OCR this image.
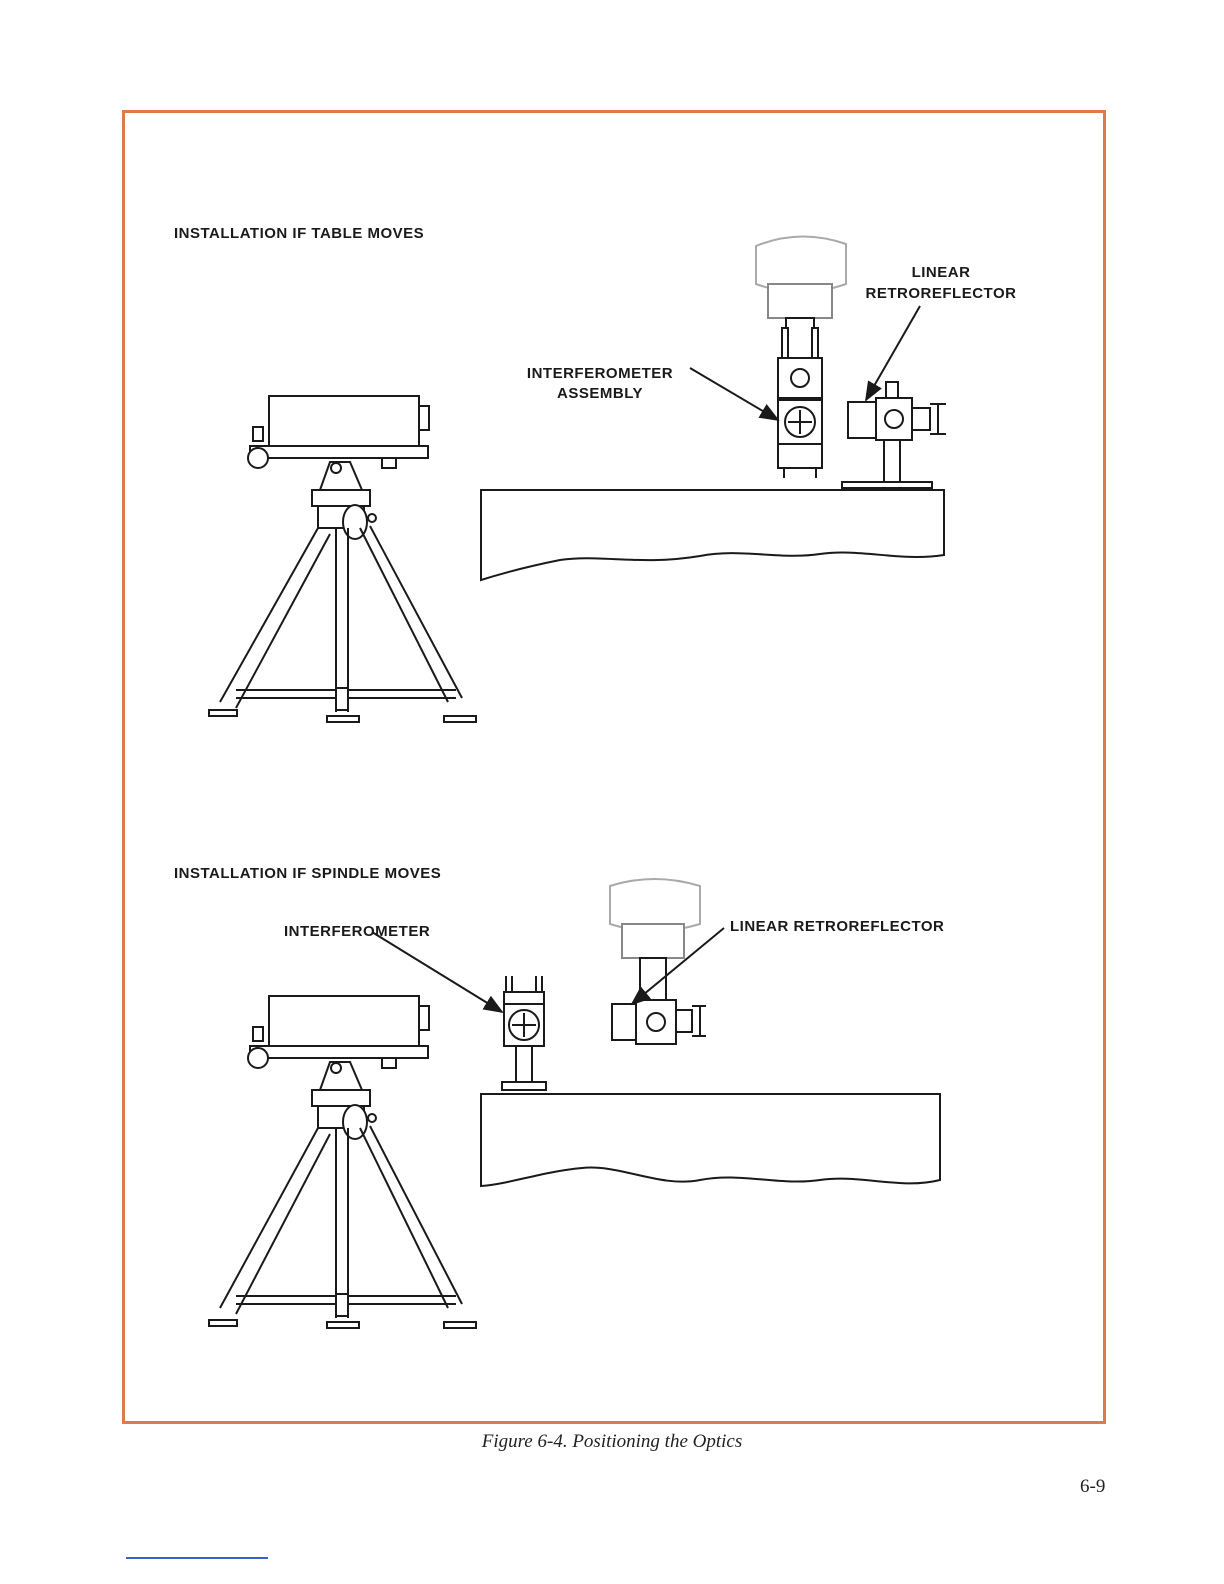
INSTALLATION IF TABLE MOVES
LINEAR
RETROREFLECTOR
INTERFEROMETER
ASSEMBLY
INSTALLATION IF SPINDLE MOVES
INTERFEROMETER	LINEAR RETROREFLECTOR
Figure 6-4. Positioning the Optics
6-9
